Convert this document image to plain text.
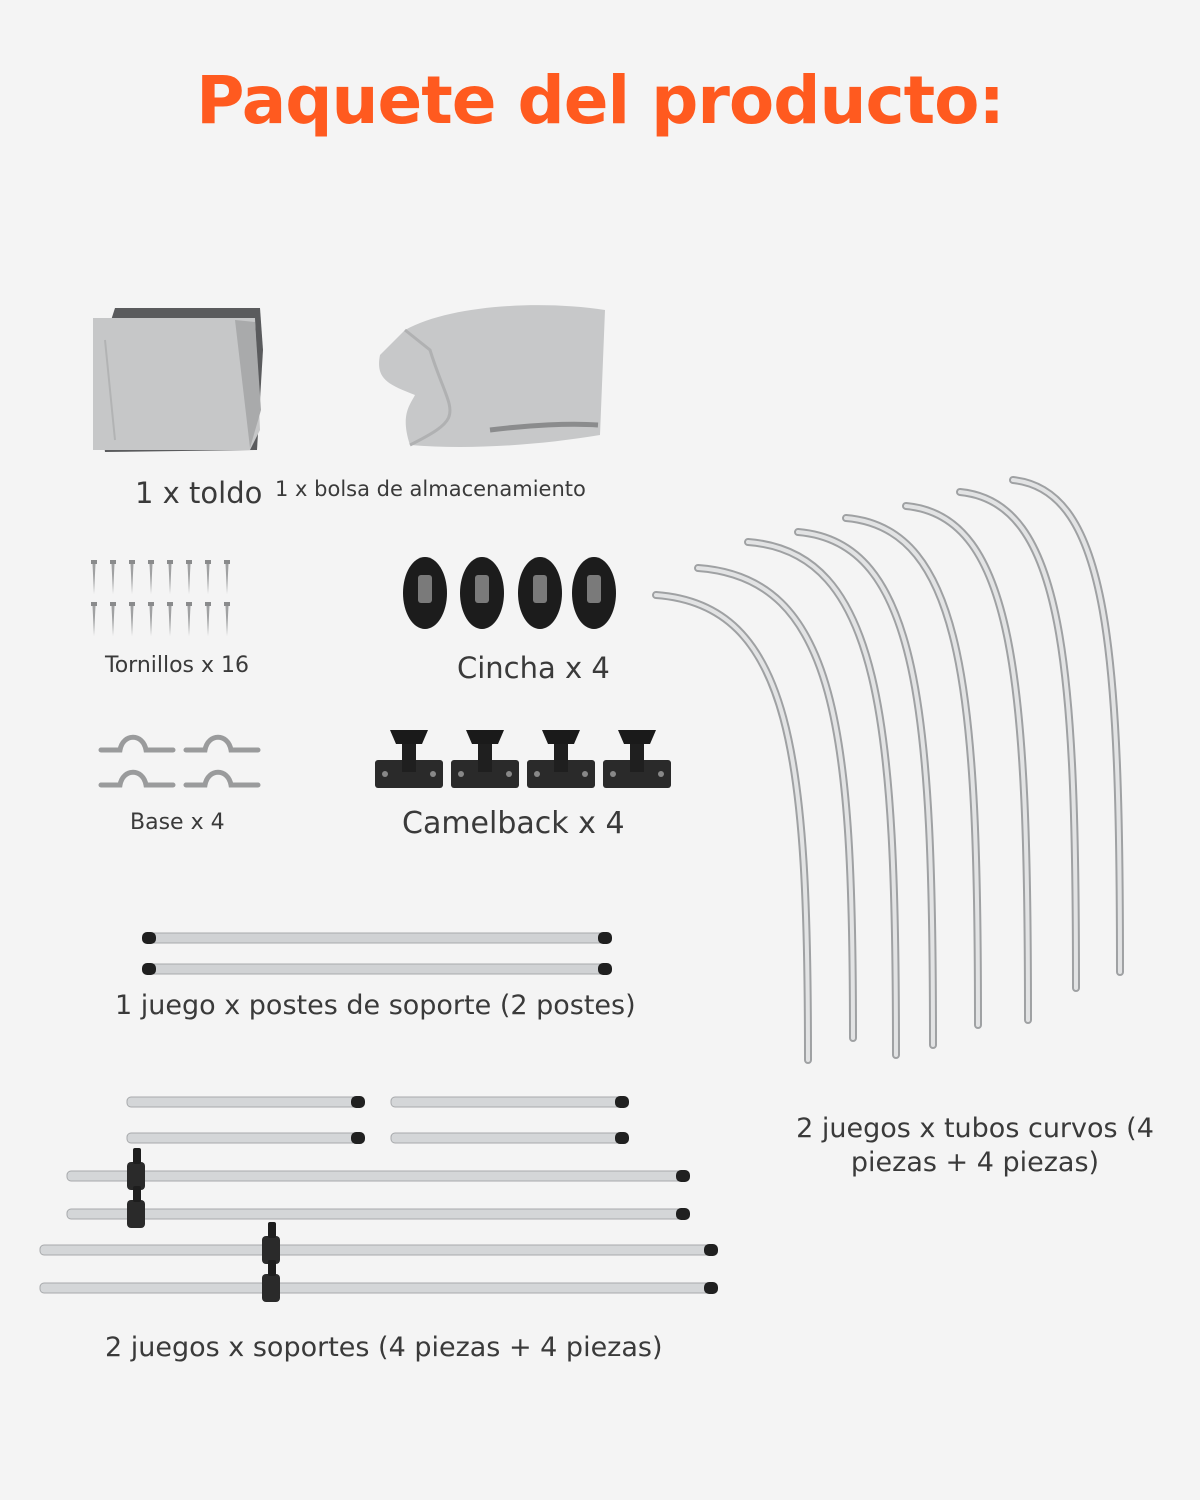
Paquete del producto:
1 x toldo 1 x bolsa de almacenamiento
Tornillos x 16	Cincha x 4
Base x 4	Camelback x 4
1 juego x postes de soporte (2 postes)
2 juegos x tubos curvos (4 piezas + 4 piezas)
2 juegos x soportes (4 piezas + 4 piezas)
